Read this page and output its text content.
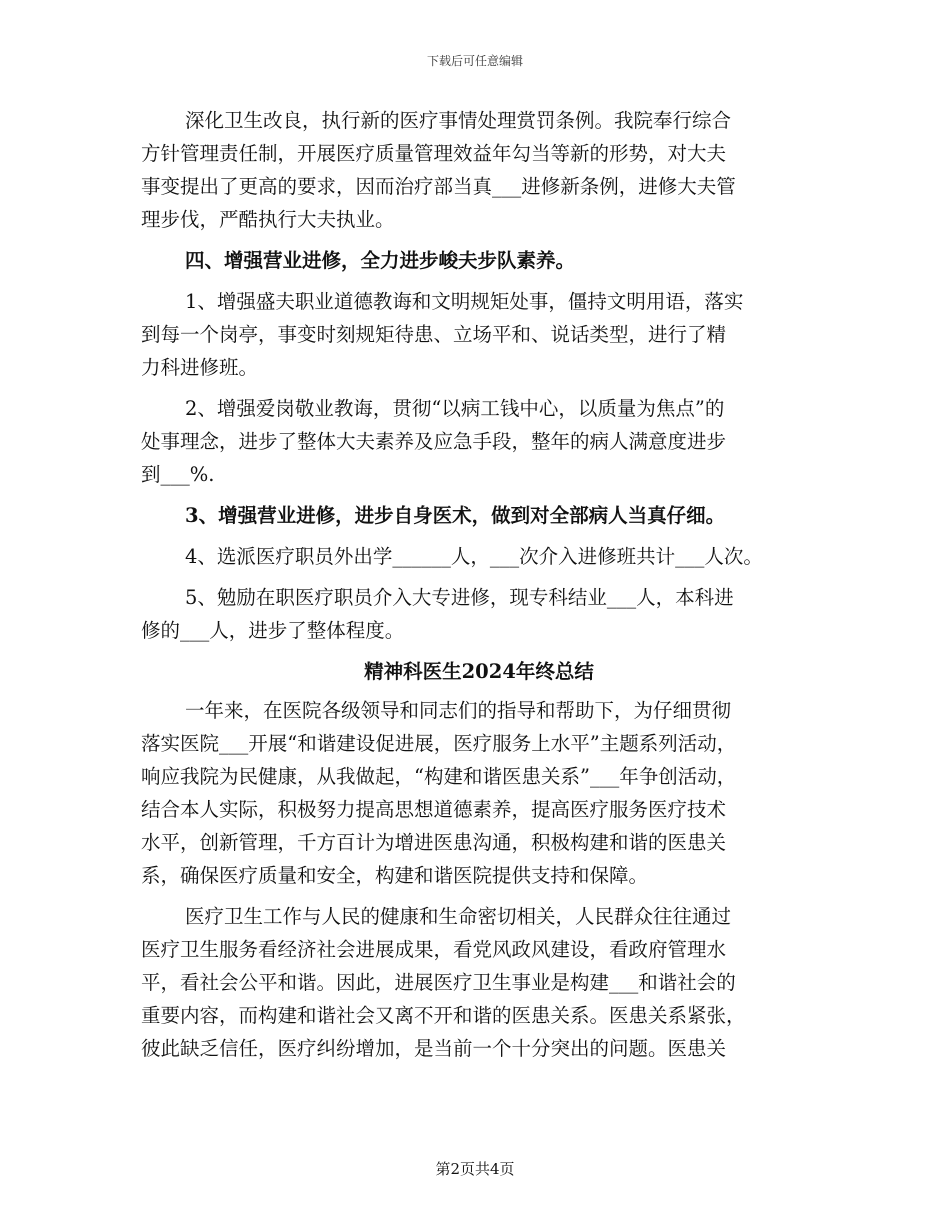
下载后可任意编辑
深化卫生改良，执行新的医疗事情处理赏罚条例。我院奉行综合
方针管理责任制，开展医疗质量管理效益年勾当等新的形势，对大夫
事变提出了更高的要求，因而治疗部当真___进修新条例，进修大夫管
理步伐，严酷执行大夫执业。
四、增强营业进修，全力进步峻夫步队素养。
1、增强盛夫职业道德教诲和文明规矩处事，僵持文明用语，落实
到每一个岗亭，事变时刻规矩待患、立场平和、说话类型，进行了精
力科进修班。
2、增强爱岗敬业教诲，贯彻“以病工钱中心，以质量为焦点”的
处事理念，进步了整体大夫素养及应急手段，整年的病人满意度进步
到___%.
3、增强营业进修，进步自身医术，做到对全部病人当真仔细。
4、选派医疗职员外出学______人，___次介入进修班共计___人次。
5、勉励在职医疗职员介入大专进修，现专科结业___人，本科进
修的___人，进步了整体程度。
精神科医生2024年终总结
一年来，在医院各级领导和同志们的指导和帮助下，为仔细贯彻
落实医院___开展“和谐建设促进展，医疗服务上水平”主题系列活动，
响应我院为民健康，从我做起，“构建和谐医患关系”___年争创活动，
结合本人实际，积极努力提高思想道德素养，提高医疗服务医疗技术
水平，创新管理，千方百计为增进医患沟通，积极构建和谐的医患关
系，确保医疗质量和安全，构建和谐医院提供支持和保障。
医疗卫生工作与人民的健康和生命密切相关，人民群众往往通过
医疗卫生服务看经济社会进展成果，看党风政风建设，看政府管理水
平，看社会公平和谐。因此，进展医疗卫生事业是构建___和谐社会的
重要内容，而构建和谐社会又离不开和谐的医患关系。医患关系紧张，
彼此缺乏信任，医疗纠纷增加，是当前一个十分突出的问题。医患关
第2页共4页
